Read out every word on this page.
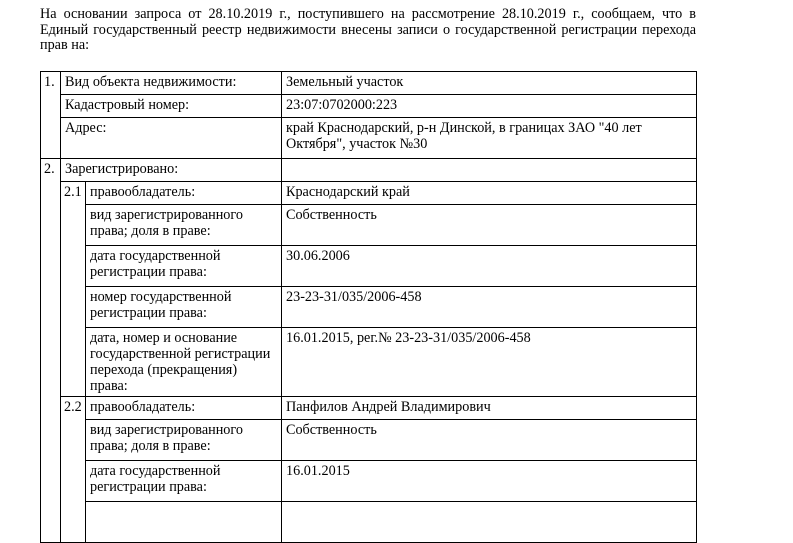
На основании запроса от 28.10.2019 г., поступившего на рассмотрение 28.10.2019 г., сообщаем, что в Единый государственный реестр недвижимости внесены записи о государственной регистрации перехода прав на:
1.	Вид объекта недвижимости:		Земельный участок
	Кадастровый номер:		23:07:0702000:223
	Адрес:		край Краснодарский, р-н Динской, в границах ЗАО "40 лет Октября", участок №30
2.	Зарегистрировано:		
	2.1	правообладатель:	Краснодарский край
		вид зарегистрированного права; доля в праве:	Собственность
		дата государственной регистрации права:	30.06.2006
		номер государственной регистрации права:	23-23-31/035/2006-458
		дата, номер и основание государственной регистрации перехода (прекращения) права:	16.01.2015, рег.№ 23-23-31/035/2006-458
	2.2	правообладатель:	Панфилов Андрей Владимирович
		вид зарегистрированного права; доля в праве:	Собственность
		дата государственной регистрации права:	16.01.2015
